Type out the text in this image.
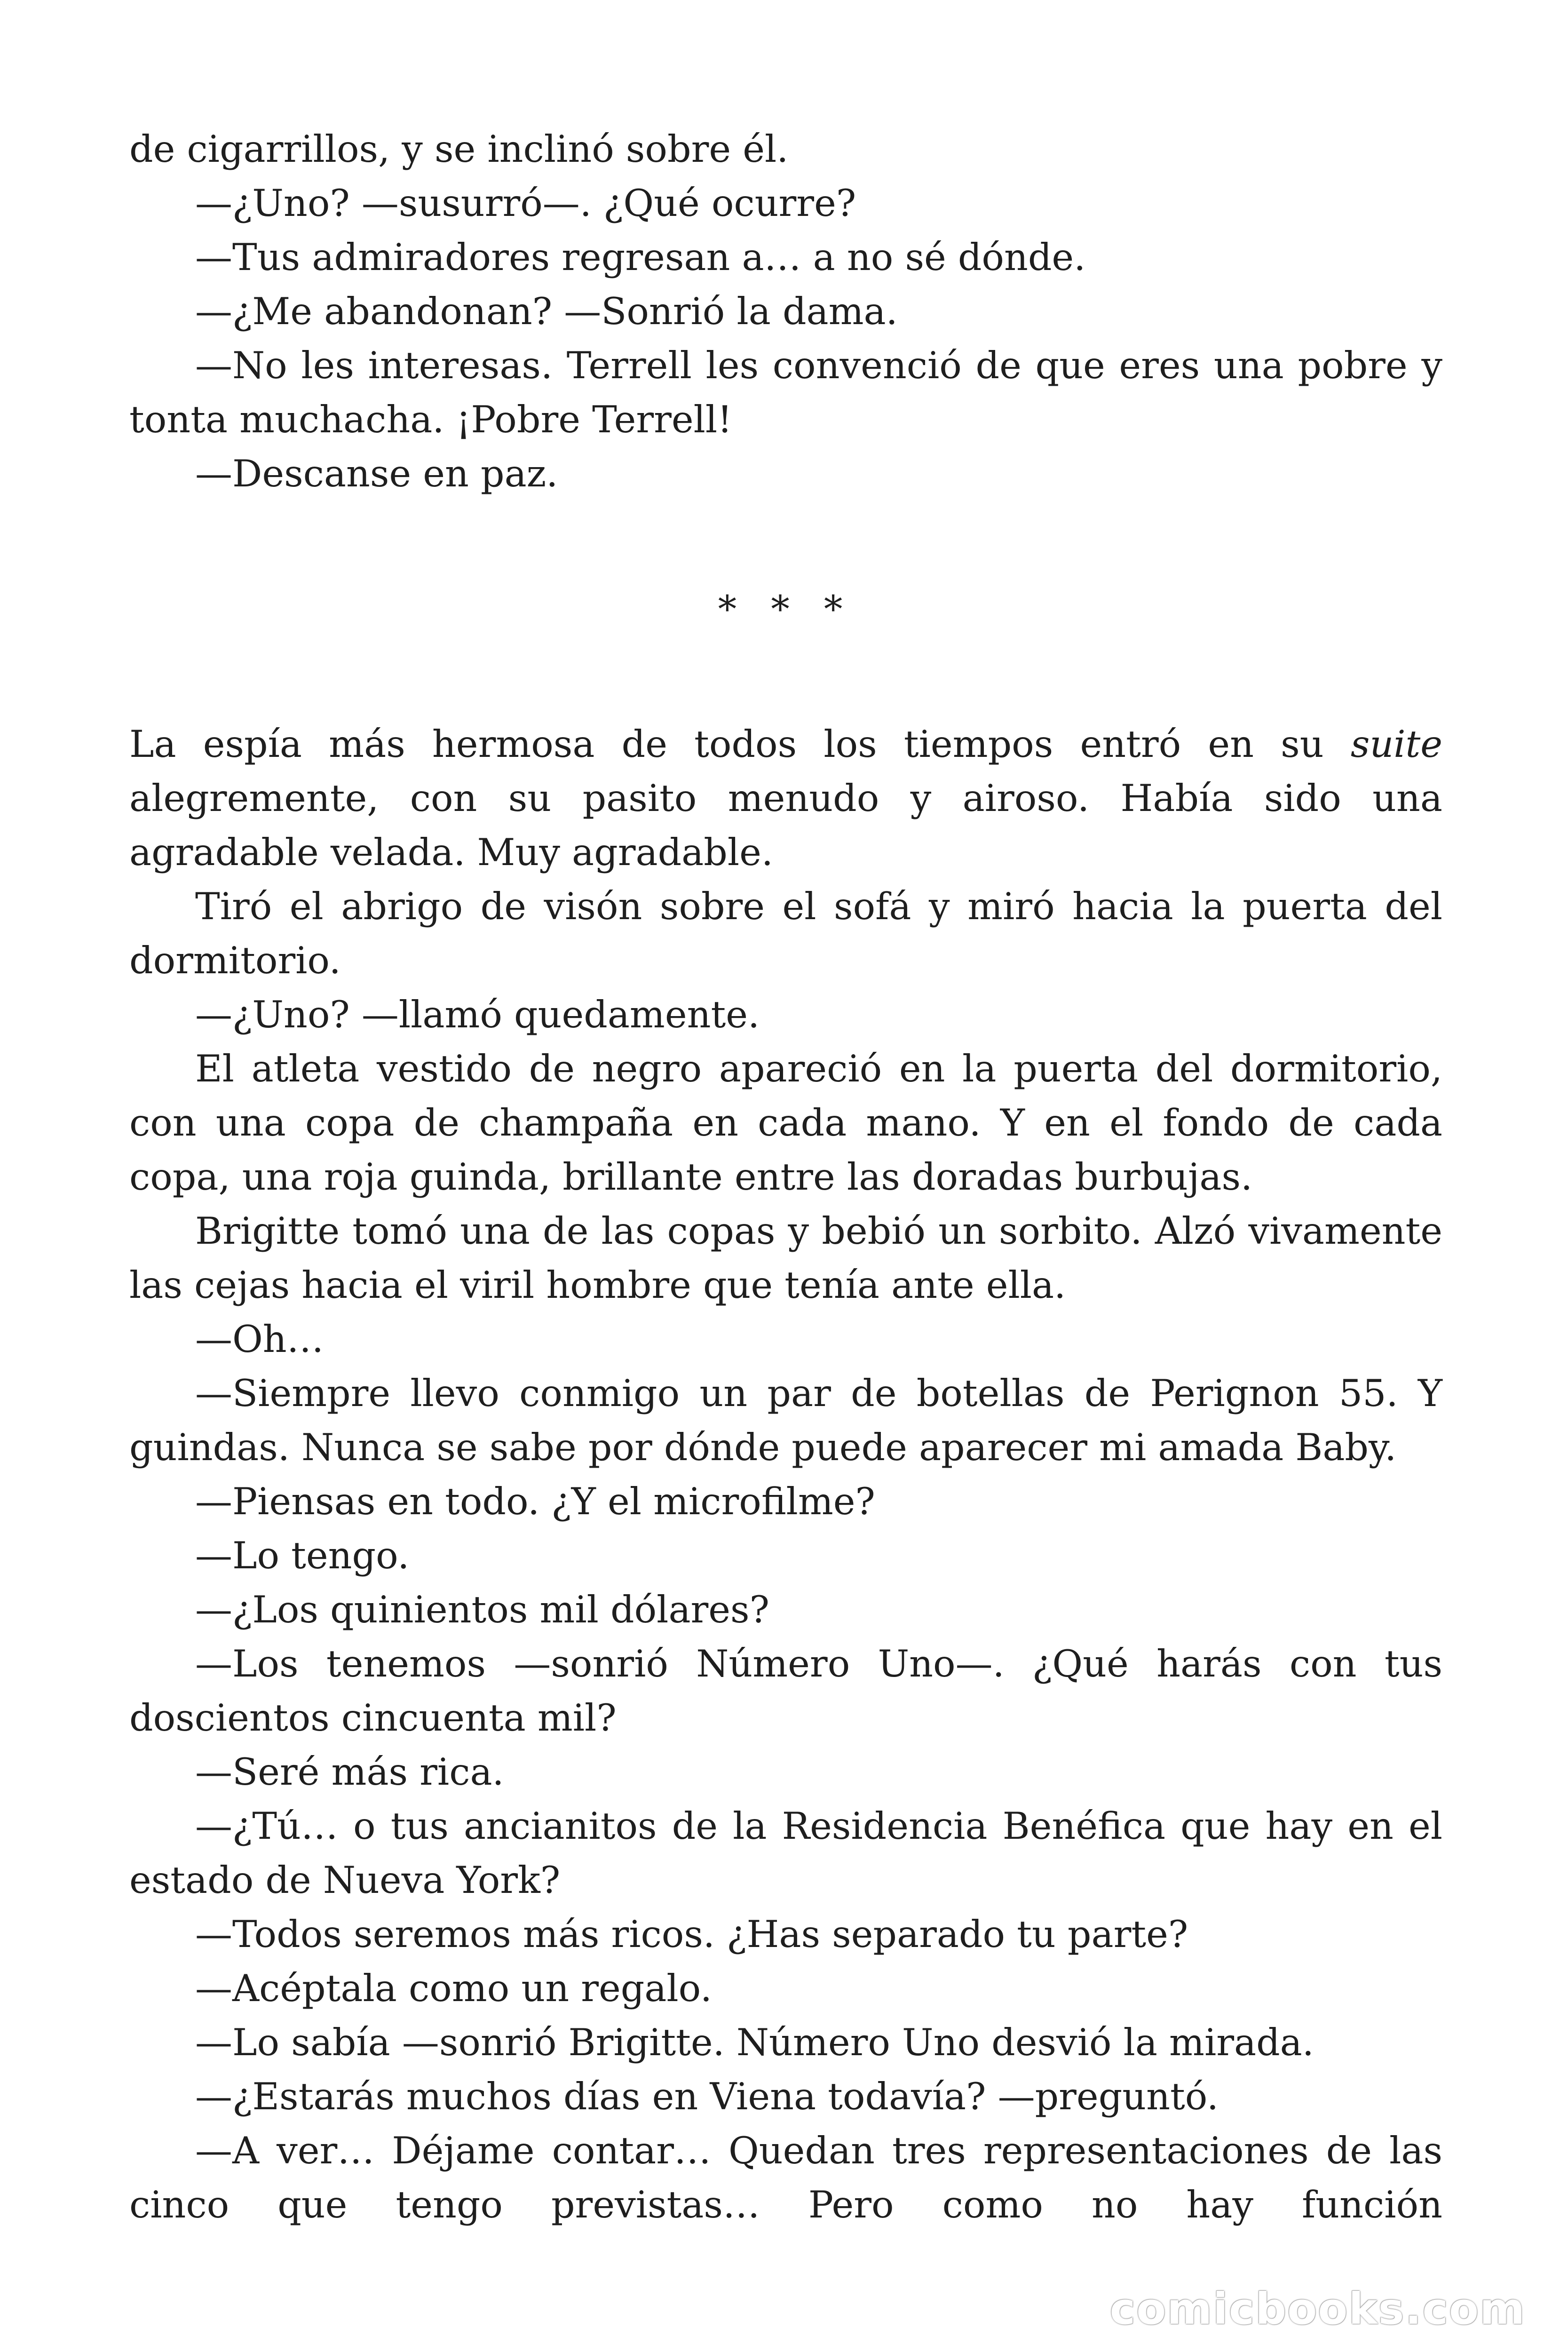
de cigarrillos, y se inclinó sobre él.

—¿Uno? —susurró—. ¿Qué ocurre?

—Tus admiradores regresan a… a no sé dónde.

—¿Me abandonan? —Sonrió la dama.

—No les interesas. Terrell les convenció de que eres una pobre y tonta muchacha. ¡Pobre Terrell!

—Descanse en paz.

* * *

La espía más hermosa de todos los tiempos entró en su suite alegremente, con su pasito menudo y airoso. Había sido una agradable velada. Muy agradable.

Tiró el abrigo de visón sobre el sofá y miró hacia la puerta del dormitorio.

—¿Uno? —llamó quedamente.

El atleta vestido de negro apareció en la puerta del dormitorio, con una copa de champaña en cada mano. Y en el fondo de cada copa, una roja guinda, brillante entre las doradas burbujas.

Brigitte tomó una de las copas y bebió un sorbito. Alzó vivamente las cejas hacia el viril hombre que tenía ante ella.

—Oh…

—Siempre llevo conmigo un par de botellas de Perignon 55. Y guindas. Nunca se sabe por dónde puede aparecer mi amada Baby.

—Piensas en todo. ¿Y el microfilme?

—Lo tengo.

—¿Los quinientos mil dólares?

—Los tenemos —sonrió Número Uno—. ¿Qué harás con tus doscientos cincuenta mil?

—Seré más rica.

—¿Tú… o tus ancianitos de la Residencia Benéfica que hay en el estado de Nueva York?

—Todos seremos más ricos. ¿Has separado tu parte?

—Acéptala como un regalo.

—Lo sabía —sonrió Brigitte. Número Uno desvió la mirada.

—¿Estarás muchos días en Viena todavía? —preguntó.

—A ver… Déjame contar… Quedan tres representaciones de las cinco que tengo previstas… Pero como no hay función

comicbooks.com
